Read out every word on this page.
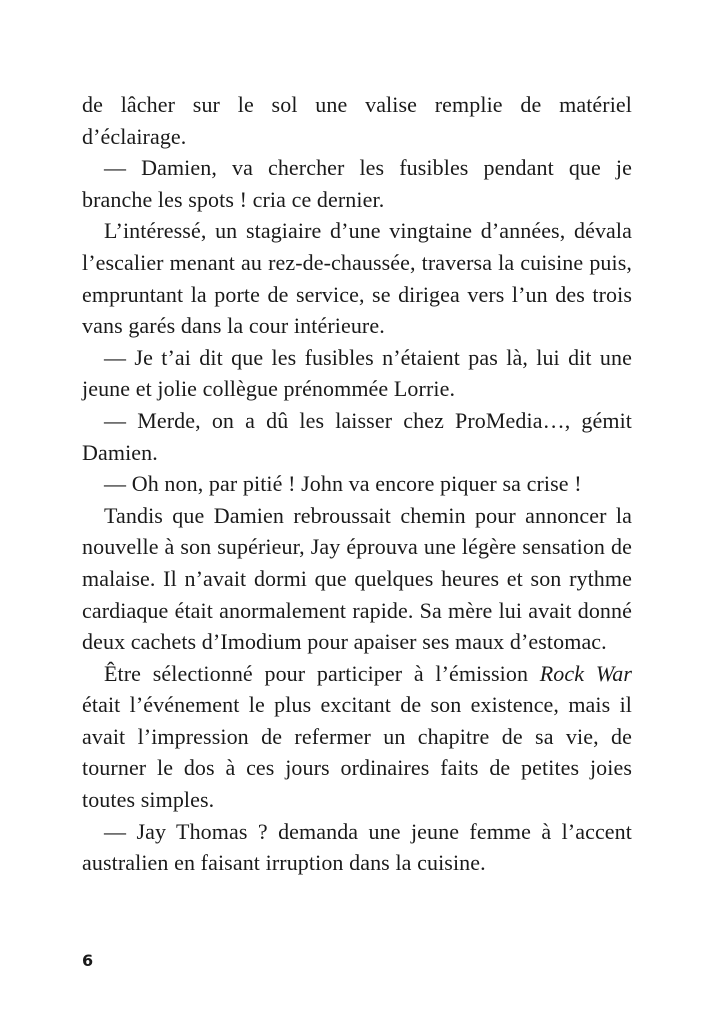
de lâcher sur le sol une valise remplie de matériel d’éclairage.

— Damien, va chercher les fusibles pendant que je branche les spots ! cria ce dernier.

L’intéressé, un stagiaire d’une vingtaine d’années, dévala l’escalier menant au rez-de-chaussée, traversa la cuisine puis, empruntant la porte de service, se dirigea vers l’un des trois vans garés dans la cour intérieure.

— Je t’ai dit que les fusibles n’étaient pas là, lui dit une jeune et jolie collègue prénommée Lorrie.

— Merde, on a dû les laisser chez ProMedia…, gémit Damien.

— Oh non, par pitié ! John va encore piquer sa crise !

Tandis que Damien rebroussait chemin pour annoncer la nouvelle à son supérieur, Jay éprouva une légère sensation de malaise. Il n’avait dormi que quelques heures et son rythme cardiaque était anormalement rapide. Sa mère lui avait donné deux cachets d’Imodium pour apaiser ses maux d’estomac.

Être sélectionné pour participer à l’émission Rock War était l’événement le plus excitant de son existence, mais il avait l’impression de refermer un chapitre de sa vie, de tourner le dos à ces jours ordinaires faits de petites joies toutes simples.

— Jay Thomas ? demanda une jeune femme à l’accent australien en faisant irruption dans la cuisine.

6
